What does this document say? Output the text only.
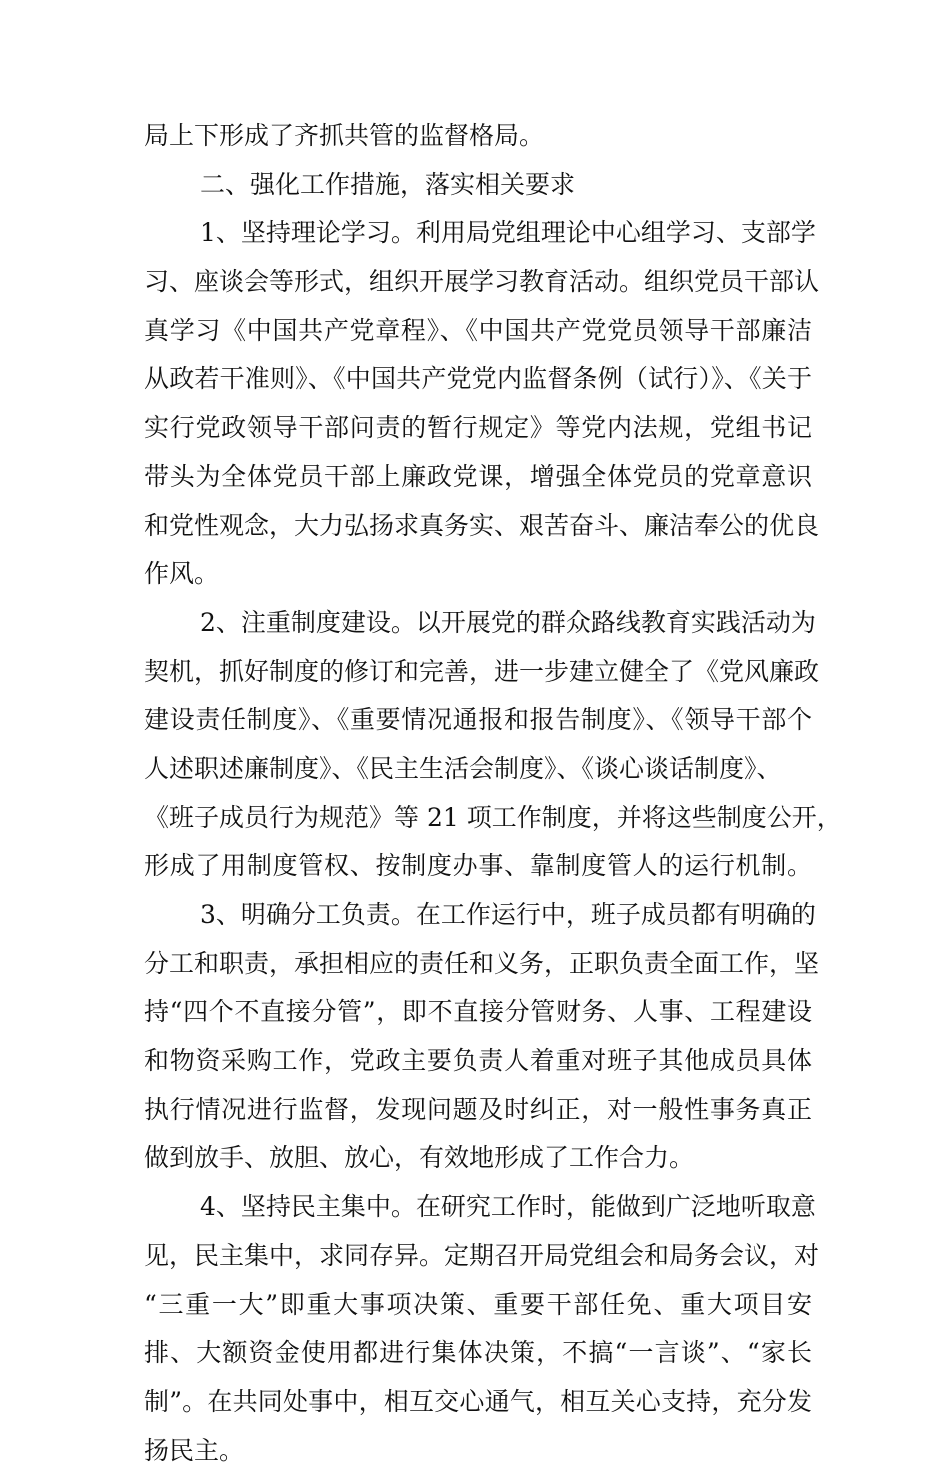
局上下形成了齐抓共管的监督格局。
二、强化工作措施，落实相关要求
1、坚持理论学习。利用局党组理论中心组学习、支部学
习、座谈会等形式，组织开展学习教育活动。组织党员干部认
真学习《中国共产党章程》、《中国共产党党员领导干部廉洁
从政若干准则》、《中国共产党党内监督条例（试行）》、《关于
实行党政领导干部问责的暂行规定》等党内法规，党组书记
带头为全体党员干部上廉政党课，增强全体党员的党章意识
和党性观念，大力弘扬求真务实、艰苦奋斗、廉洁奉公的优良
作风。
2、注重制度建设。以开展党的群众路线教育实践活动为
契机，抓好制度的修订和完善，进一步建立健全了《党风廉政
建设责任制度》、《重要情况通报和报告制度》、《领导干部个
人述职述廉制度》、《民主生活会制度》、《谈心谈话制度》、
《班子成员行为规范》等 21 项工作制度，并将这些制度公开，
形成了用制度管权、按制度办事、靠制度管人的运行机制。
3、明确分工负责。在工作运行中，班子成员都有明确的
分工和职责，承担相应的责任和义务，正职负责全面工作，坚
持“四个不直接分管”，即不直接分管财务、人事、工程建设
和物资采购工作，党政主要负责人着重对班子其他成员具体
执行情况进行监督，发现问题及时纠正，对一般性事务真正
做到放手、放胆、放心，有效地形成了工作合力。
4、坚持民主集中。在研究工作时，能做到广泛地听取意
见，民主集中，求同存异。定期召开局党组会和局务会议，对
“三重一大”即重大事项决策、重要干部任免、重大项目安
排、大额资金使用都进行集体决策，不搞“一言谈”、“家长
制”。在共同处事中，相互交心通气，相互关心支持，充分发
扬民主。
